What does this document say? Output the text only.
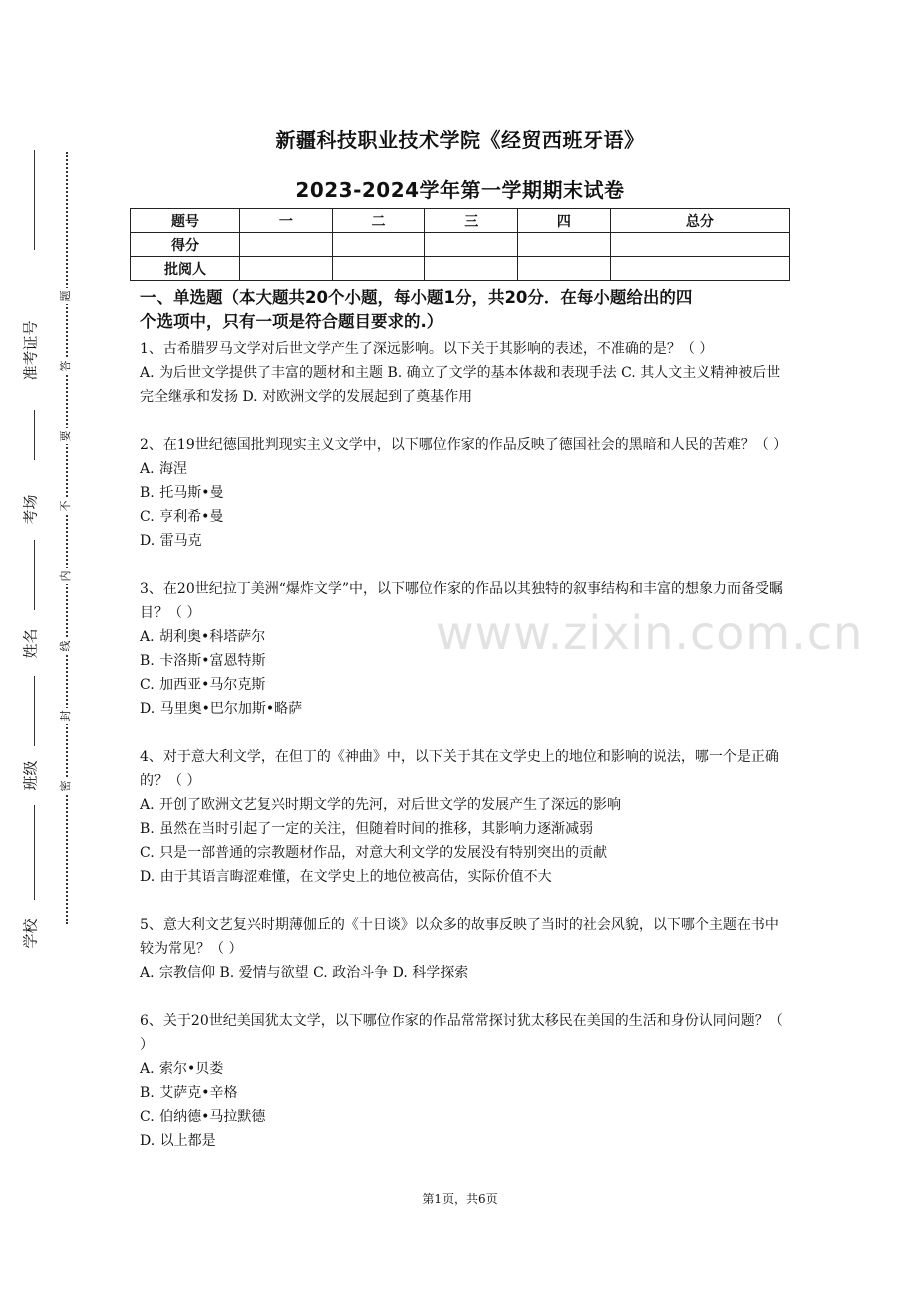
准考证号
考场
姓名
班级
学校
题
答
要
不
内
线
封
密
新疆科技职业技术学院《经贸西班牙语》
2023-2024学年第一学期期末试卷
题号	一	二	三	四	总分
得分					
批阅人					
一、单选题（本大题共20个小题，每小题1分，共20分．在每小题给出的四
个选项中，只有一项是符合题目要求的.）

1、古希腊罗马文学对后世文学产生了深远影响。以下关于其影响的表述，不准确的是？（ ）

A. 为后世文学提供了丰富的题材和主题 B. 确立了文学的基本体裁和表现手法 C. 其人文主义精神被后世完全继承和发扬 D. 对欧洲文学的发展起到了奠基作用

2、在19世纪德国批判现实主义文学中，以下哪位作家的作品反映了德国社会的黑暗和人民的苦难？（ ）

A. 海涅

B. 托马斯•曼

C. 亨利希•曼

D. 雷马克

3、在20世纪拉丁美洲“爆炸文学”中，以下哪位作家的作品以其独特的叙事结构和丰富的想象力而备受瞩目？（ ）

A. 胡利奥•科塔萨尔

B. 卡洛斯•富恩特斯

C. 加西亚•马尔克斯

D. 马里奥•巴尔加斯•略萨

4、对于意大利文学，在但丁的《神曲》中，以下关于其在文学史上的地位和影响的说法，哪一个是正确的？（ ）

A. 开创了欧洲文艺复兴时期文学的先河，对后世文学的发展产生了深远的影响

B. 虽然在当时引起了一定的关注，但随着时间的推移，其影响力逐渐减弱

C. 只是一部普通的宗教题材作品，对意大利文学的发展没有特别突出的贡献

D. 由于其语言晦涩难懂，在文学史上的地位被高估，实际价值不大

5、意大利文艺复兴时期薄伽丘的《十日谈》以众多的故事反映了当时的社会风貌，以下哪个主题在书中较为常见？（ ）

A. 宗教信仰 B. 爱情与欲望 C. 政治斗争 D. 科学探索

6、关于20世纪美国犹太文学，以下哪位作家的作品常常探讨犹太移民在美国的生活和身份认同问题？（ ）

A. 索尔•贝娄

B. 艾萨克•辛格

C. 伯纳德•马拉默德

D. 以上都是

www.zixin.com.cn
第1页，共6页
